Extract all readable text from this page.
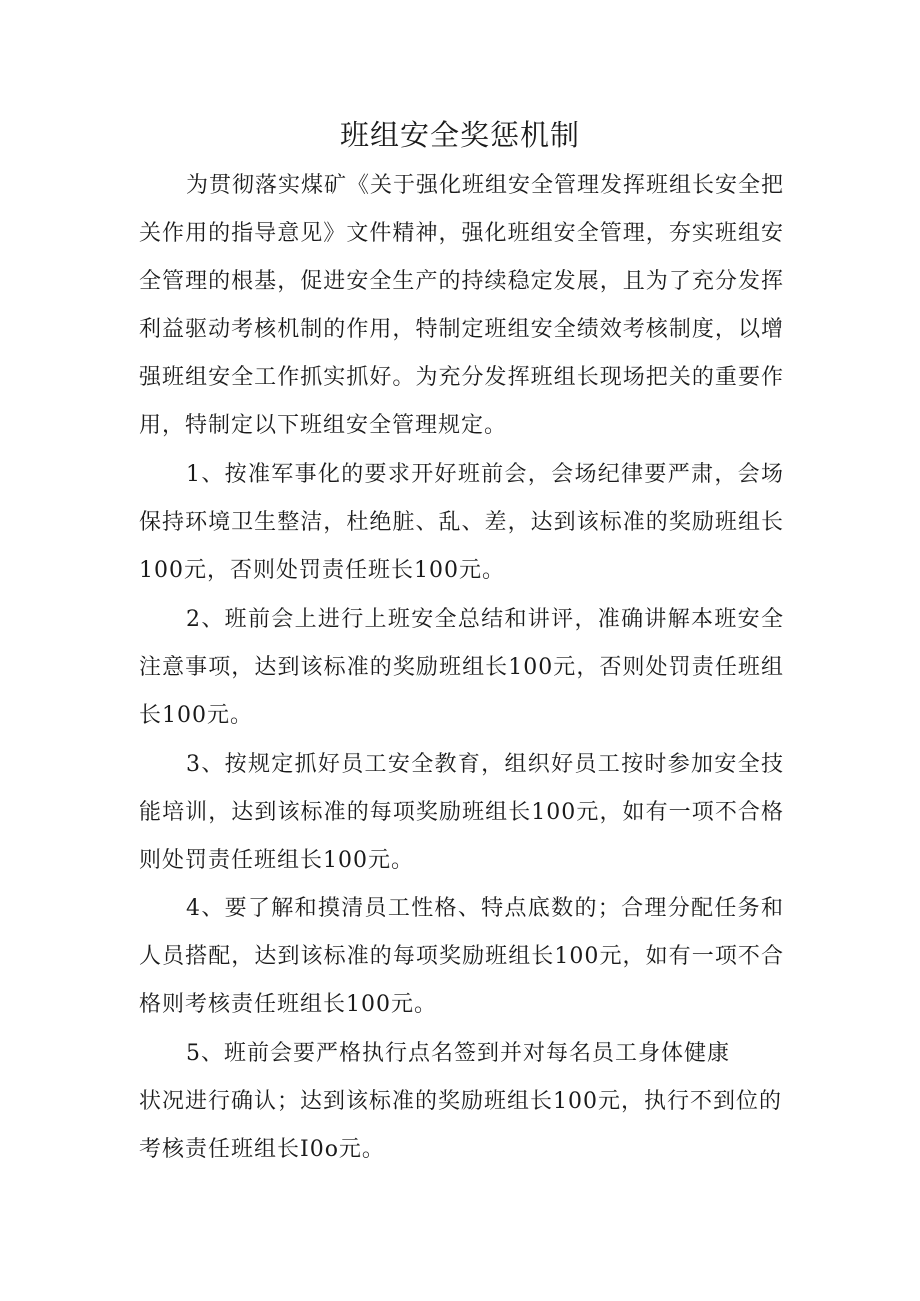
班组安全奖惩机制

为贯彻落实煤矿《关于强化班组安全管理发挥班组长安全把关作用的指导意见》文件精神，强化班组安全管理，夯实班组安全管理的根基，促进安全生产的持续稳定发展，且为了充分发挥利益驱动考核机制的作用，特制定班组安全绩效考核制度，以增强班组安全工作抓实抓好。为充分发挥班组长现场把关的重要作用，特制定以下班组安全管理规定。

1、按准军事化的要求开好班前会，会场纪律要严肃，会场保持环境卫生整洁，杜绝脏、乱、差，达到该标准的奖励班组长100元，否则处罚责任班长100元。

2、班前会上进行上班安全总结和讲评，准确讲解本班安全注意事项，达到该标准的奖励班组长100元，否则处罚责任班组长100元。

3、按规定抓好员工安全教育，组织好员工按时参加安全技能培训，达到该标准的每项奖励班组长100元，如有一项不合格则处罚责任班组长100元。

4、要了解和摸清员工性格、特点底数的；合理分配任务和人员搭配，达到该标准的每项奖励班组长100元，如有一项不合格则考核责任班组长100元。

5、班前会要严格执行点名签到并对每名员工身体健康
状况进行确认；达到该标准的奖励班组长100元，执行不到位的
考核责任班组长I0o元。
